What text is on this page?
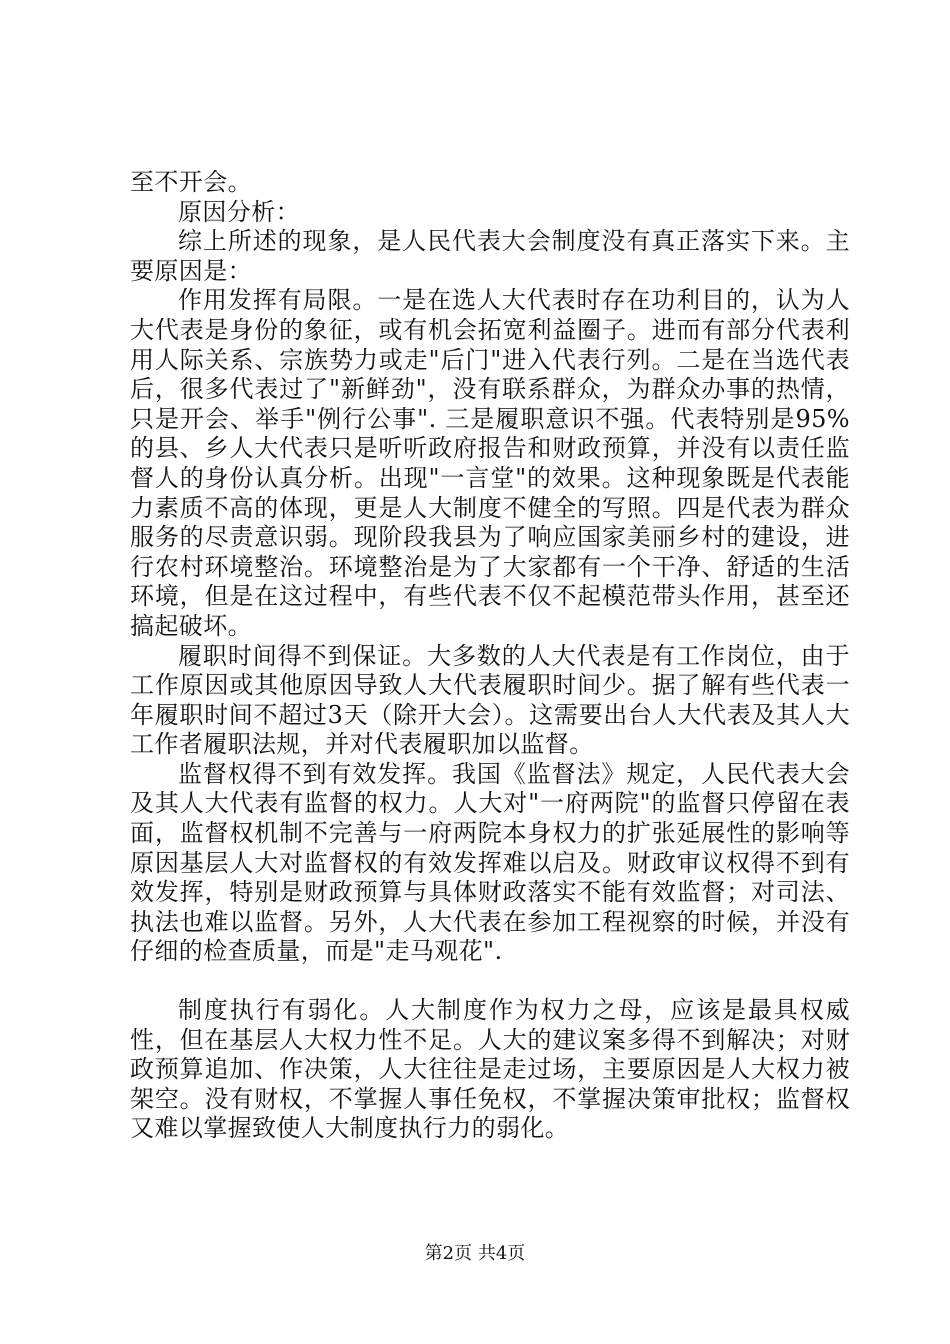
至不开会。

原因分析：

综上所述的现象，是人民代表大会制度没有真正落实下来。主要原因是：

作用发挥有局限。一是在选人大代表时存在功利目的，认为人大代表是身份的象征，或有机会拓宽利益圈子。进而有部分代表利用人际关系、宗族势力或走"后门"进入代表行列。二是在当选代表后，很多代表过了"新鲜劲"，没有联系群众，为群众办事的热情，只是开会、举手"例行公事". 三是履职意识不强。代表特别是95%的县、乡人大代表只是听听政府报告和财政预算，并没有以责任监督人的身份认真分析。出现"一言堂"的效果。这种现象既是代表能力素质不高的体现，更是人大制度不健全的写照。四是代表为群众服务的尽责意识弱。现阶段我县为了响应国家美丽乡村的建设，进行农村环境整治。环境整治是为了大家都有一个干净、舒适的生活环境，但是在这过程中，有些代表不仅不起模范带头作用，甚至还搞起破坏。

履职时间得不到保证。大多数的人大代表是有工作岗位，由于工作原因或其他原因导致人大代表履职时间少。据了解有些代表一年履职时间不超过3天（除开大会）。这需要出台人大代表及其人大工作者履职法规，并对代表履职加以监督。

监督权得不到有效发挥。我国《监督法》规定，人民代表大会及其人大代表有监督的权力。人大对"一府两院"的监督只停留在表面，监督权机制不完善与一府两院本身权力的扩张延展性的影响等原因基层人大对监督权的有效发挥难以启及。财政审议权得不到有效发挥，特别是财政预算与具体财政落实不能有效监督；对司法、执法也难以监督。另外，人大代表在参加工程视察的时候，并没有仔细的检查质量，而是"走马观花".

制度执行有弱化。人大制度作为权力之母，应该是最具权威性，但在基层人大权力性不足。人大的建议案多得不到解决；对财政预算追加、作决策，人大往往是走过场，主要原因是人大权力被架空。没有财权，不掌握人事任免权，不掌握决策审批权；监督权又难以掌握致使人大制度执行力的弱化。

第2页 共4页
